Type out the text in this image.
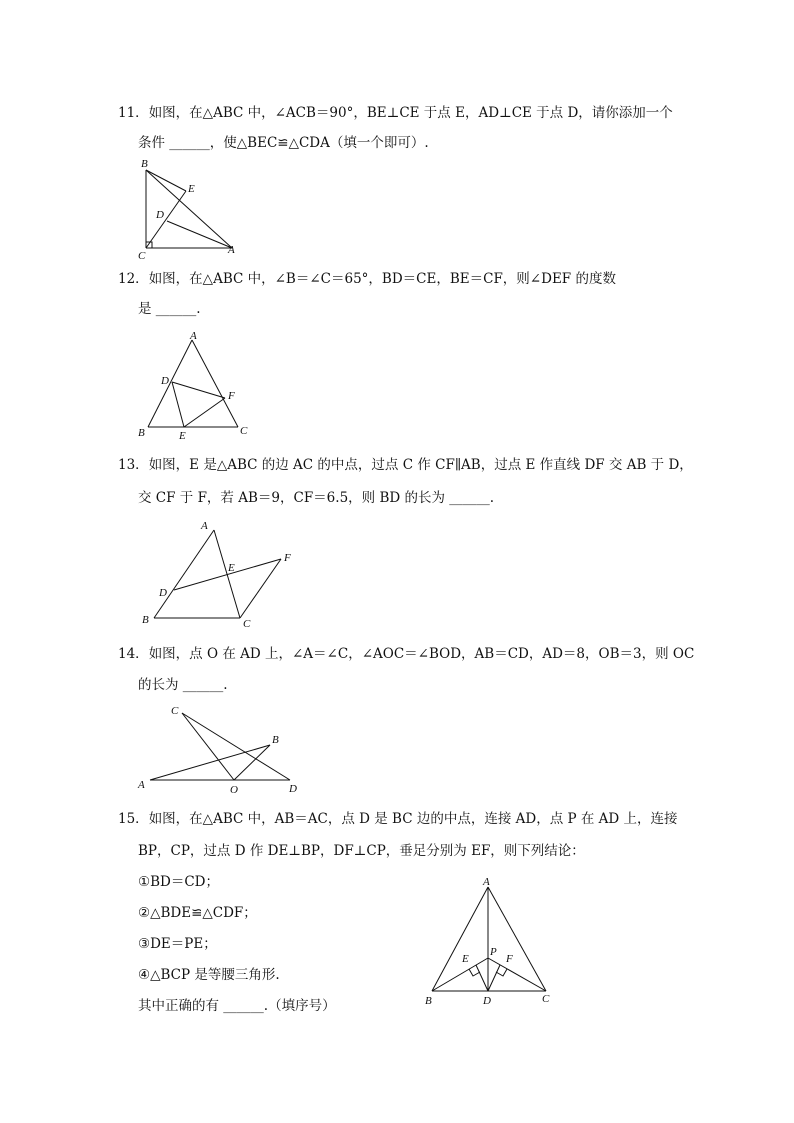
11．如图，在△ABC 中，∠ACB＝90°，BE⊥CE 于点 E，AD⊥CE 于点 D，请你添加一个
条件 ______，使△BEC≌△CDA（填一个即可）.
B
E
D
C	A
12．如图，在△ABC 中，∠B＝∠C＝65°，BD＝CE，BE＝CF，则∠DEF 的度数
是 ______.
A
D
F
B	E	C
13．如图，E 是△ABC 的边 AC 的中点，过点 C 作 CF∥AB，过点 E 作直线 DF 交 AB 于 D，
交 CF 于 F，若 AB＝9，CF＝6.5，则 BD 的长为 ______.
A
E
F
D
B	C
14．如图，点 O 在 AD 上，∠A＝∠C，∠AOC＝∠BOD，AB＝CD，AD＝8，OB＝3，则 OC
的长为 ______.
C
B
A	O	D
15．如图，在△ABC 中，AB＝AC，点 D 是 BC 边的中点，连接 AD，点 P 在 AD 上，连接
BP，CP，过点 D 作 DE⊥BP，DF⊥CP，垂足分别为 EF，则下列结论：
①BD＝CD；
②△BDE≌△CDF；
③DE＝PE；
④△BCP 是等腰三角形.
其中正确的有 ______.（填序号）
A
P
E	F
B	D	C
